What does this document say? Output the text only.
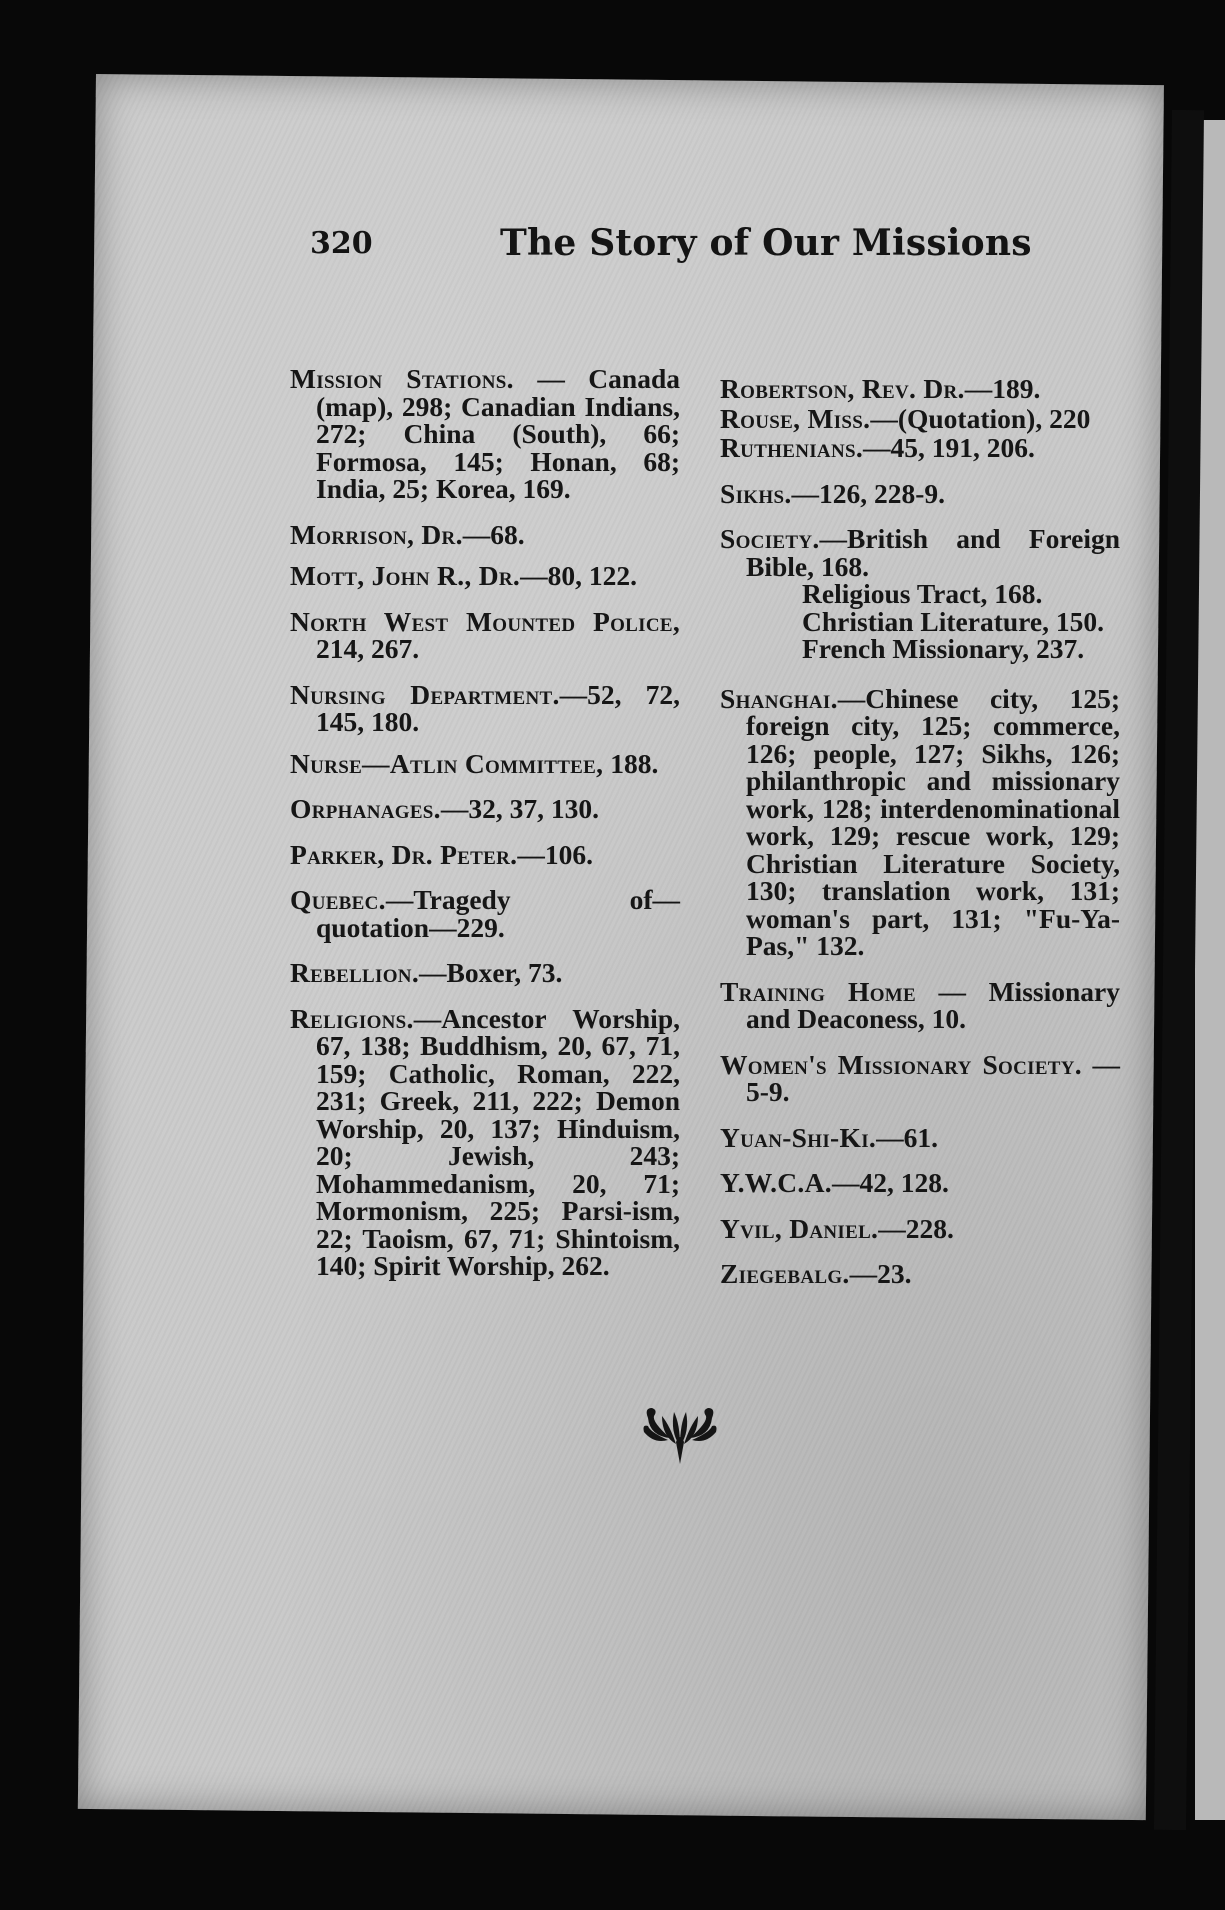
320	The Story of Our Missions
Mission Stations. — Canada (map), 298; Canadian Indians, 272; China (South), 66; Formosa, 145; Honan, 68; India, 25; Korea, 169.
Morrison, Dr.—68.
Mott, John R., Dr.—80, 122.
North West Mounted Police, 214, 267.
Nursing Department.—52, 72, 145, 180.
Nurse—Atlin Committee, 188.
Orphanages.—32, 37, 130.
Parker, Dr. Peter.—106.
Quebec.—Tragedy of—quotation—229.
Rebellion.—Boxer, 73.
Religions.—Ancestor Worship, 67, 138; Buddhism, 20, 67, 71, 159; Catholic, Roman, 222, 231; Greek, 211, 222; Demon Worship, 20, 137; Hinduism, 20; Jewish, 243; Mohammedanism, 20, 71; Mormonism, 225; Parsi-ism, 22; Taoism, 67, 71; Shintoism, 140; Spirit Worship, 262.
Robertson, Rev. Dr.—189.
Rouse, Miss.—(Quotation), 220
Ruthenians.—45, 191, 206.
Sikhs.—126, 228-9.
Society.—British and Foreign Bible, 168.
Religious Tract, 168.
Christian Literature, 150.
French Missionary, 237.
Shanghai.—Chinese city, 125; foreign city, 125; commerce, 126; people, 127; Sikhs, 126; philanthropic and missionary work, 128; interdenominational work, 129; rescue work, 129; Christian Literature Society, 130; translation work, 131; woman's part, 131; "Fu-Ya-Pas," 132.
Training Home — Missionary and Deaconess, 10.
Women's Missionary Society. —5-9.
Yuan-Shi-Ki.—61.
Y.W.C.A.—42, 128.
Yvil, Daniel.—228.
Ziegebalg.—23.
